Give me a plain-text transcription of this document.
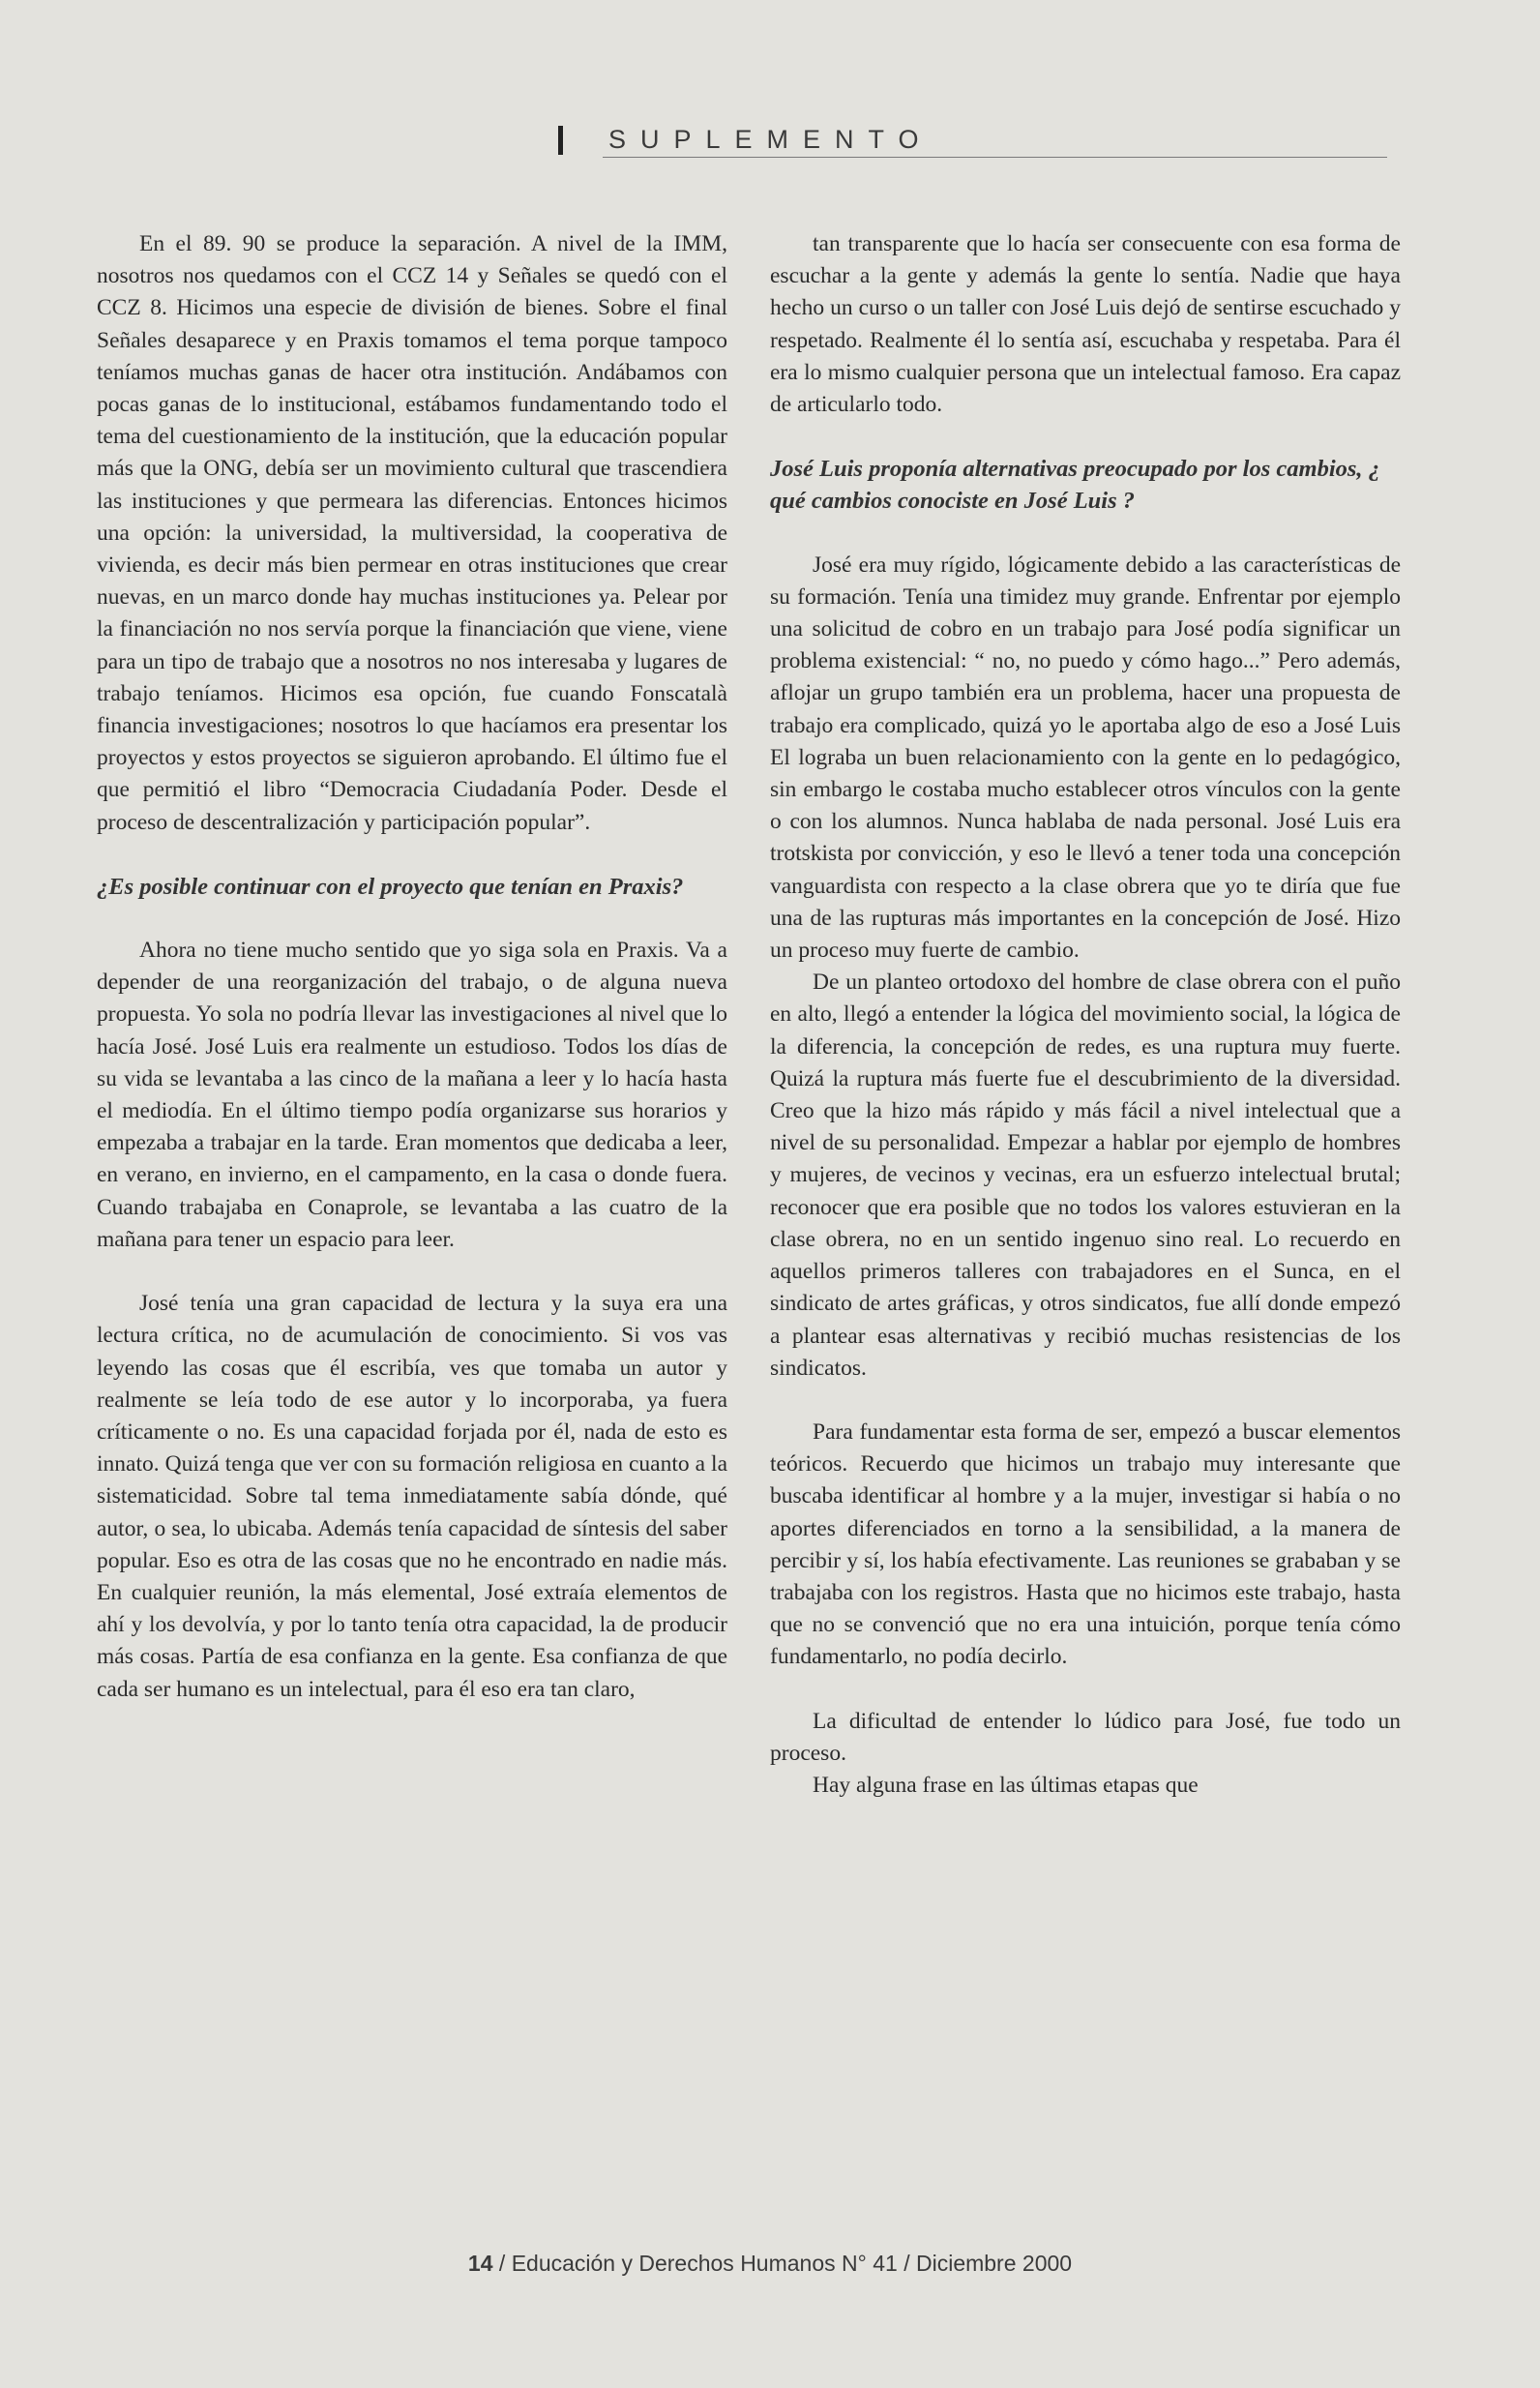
SUPLEMENTO

En el 89. 90 se produce la separación. A nivel de la IMM, nosotros nos quedamos con el CCZ 14 y Señales se quedó con el CCZ 8. Hicimos una especie de división de bienes. Sobre el final Señales desaparece y en Praxis tomamos el tema porque tampoco teníamos muchas ganas de hacer otra institución. Andábamos con pocas ganas de lo institucional, estábamos fundamentando todo el tema del cuestionamiento de la institución, que la educación popular más que la ONG, debía ser un movimiento cultural que trascendiera las instituciones y que permeara las diferencias. Entonces hicimos una opción: la universidad, la multiversidad, la cooperativa de vivienda, es decir más bien permear en otras instituciones que crear nuevas, en un marco donde hay muchas instituciones ya. Pelear por la financiación no nos servía porque la financiación que viene, viene para un tipo de trabajo que a nosotros no nos interesaba y lugares de trabajo teníamos. Hicimos esa opción, fue cuando Fonscatalà financia investigaciones; nosotros lo que hacíamos era presentar los proyectos y estos proyectos se siguieron aprobando. El último fue el que permitió el libro “Democracia Ciudadanía Poder. Desde el proceso de descentralización y participación popular”.

¿Es posible continuar con el proyecto que tenían en Praxis?

Ahora no tiene mucho sentido que yo siga sola en Praxis. Va a depender de una reorganización del trabajo, o de alguna nueva propuesta. Yo sola no podría llevar las investigaciones al nivel que lo hacía José. José Luis era realmente un estudioso. Todos los días de su vida se levantaba a las cinco de la mañana a leer y lo hacía hasta el mediodía. En el último tiempo podía organizarse sus horarios y empezaba a trabajar en la tarde. Eran momentos que dedicaba a leer, en verano, en invierno, en el campamento, en la casa o donde fuera. Cuando trabajaba en Conaprole, se levantaba a las cuatro de la mañana para tener un espacio para leer.

José tenía una gran capacidad de lectura y la suya era una lectura crítica, no de acumulación de conocimiento. Si vos vas leyendo las cosas que él escribía, ves que tomaba un autor y realmente se leía todo de ese autor y lo incorporaba, ya fuera críticamente o no. Es una capacidad forjada por él, nada de esto es innato. Quizá tenga que ver con su formación religiosa en cuanto a la sistematicidad. Sobre tal tema inmediatamente sabía dónde, qué autor, o sea, lo ubicaba. Además tenía capacidad de síntesis del saber popular. Eso es otra de las cosas que no he encontrado en nadie más. En cualquier reunión, la más elemental, José extraía elementos de ahí y los devolvía, y por lo tanto tenía otra capacidad, la de producir más cosas. Partía de esa confianza en la gente. Esa confianza de que cada ser humano es un intelectual, para él eso era tan claro,

tan transparente que lo hacía ser consecuente con esa forma de escuchar a la gente y además la gente lo sentía. Nadie que haya hecho un curso o un taller con José Luis dejó de sentirse escuchado y respetado. Realmente él lo sentía así, escuchaba y respetaba. Para él era lo mismo cualquier persona que un intelectual famoso. Era capaz de articularlo todo.

José Luis proponía alternativas preocupado por los cambios, ¿ qué cambios conociste en José Luis ?

José era muy rígido, lógicamente debido a las características de su formación. Tenía una timidez muy grande. Enfrentar por ejemplo una solicitud de cobro en un trabajo para José podía significar un problema existencial: “ no, no puedo y cómo hago...” Pero además, aflojar un grupo también era un problema, hacer una propuesta de trabajo era complicado, quizá yo le aportaba algo de eso a José Luis El lograba un buen relacionamiento con la gente en lo pedagógico, sin embargo le costaba mucho establecer otros vínculos con la gente o con los alumnos. Nunca hablaba de nada personal. José Luis era trotskista por convicción, y eso le llevó a tener toda una concepción vanguardista con respecto a la clase obrera que yo te diría que fue una de las rupturas más importantes en la concepción de José. Hizo un proceso muy fuerte de cambio.

De un planteo ortodoxo del hombre de clase obrera con el puño en alto, llegó a entender la lógica del movimiento social, la lógica de la diferencia, la concepción de redes, es una ruptura muy fuerte. Quizá la ruptura más fuerte fue el descubrimiento de la diversidad. Creo que la hizo más rápido y más fácil a nivel intelectual que a nivel de su personalidad. Empezar a hablar por ejemplo de hombres y mujeres, de vecinos y vecinas, era un esfuerzo intelectual brutal; reconocer que era posible que no todos los valores estuvieran en la clase obrera, no en un sentido ingenuo sino real. Lo recuerdo en aquellos primeros talleres con trabajadores en el Sunca, en el sindicato de artes gráficas, y otros sindicatos, fue allí donde empezó a plantear esas alternativas y recibió muchas resistencias de los sindicatos.

Para fundamentar esta forma de ser, empezó a buscar elementos teóricos. Recuerdo que hicimos un trabajo muy interesante que buscaba identificar al hombre y a la mujer, investigar si había o no aportes diferenciados en torno a la sensibilidad, a la manera de percibir y sí, los había efectivamente. Las reuniones se grababan y se trabajaba con los registros. Hasta que no hicimos este trabajo, hasta que no se convenció que no era una intuición, porque tenía cómo fundamentarlo, no podía decirlo.

La dificultad de entender lo lúdico para José, fue todo un proceso.

Hay alguna frase en las últimas etapas que

14 / Educación y Derechos Humanos N° 41 / Diciembre 2000
